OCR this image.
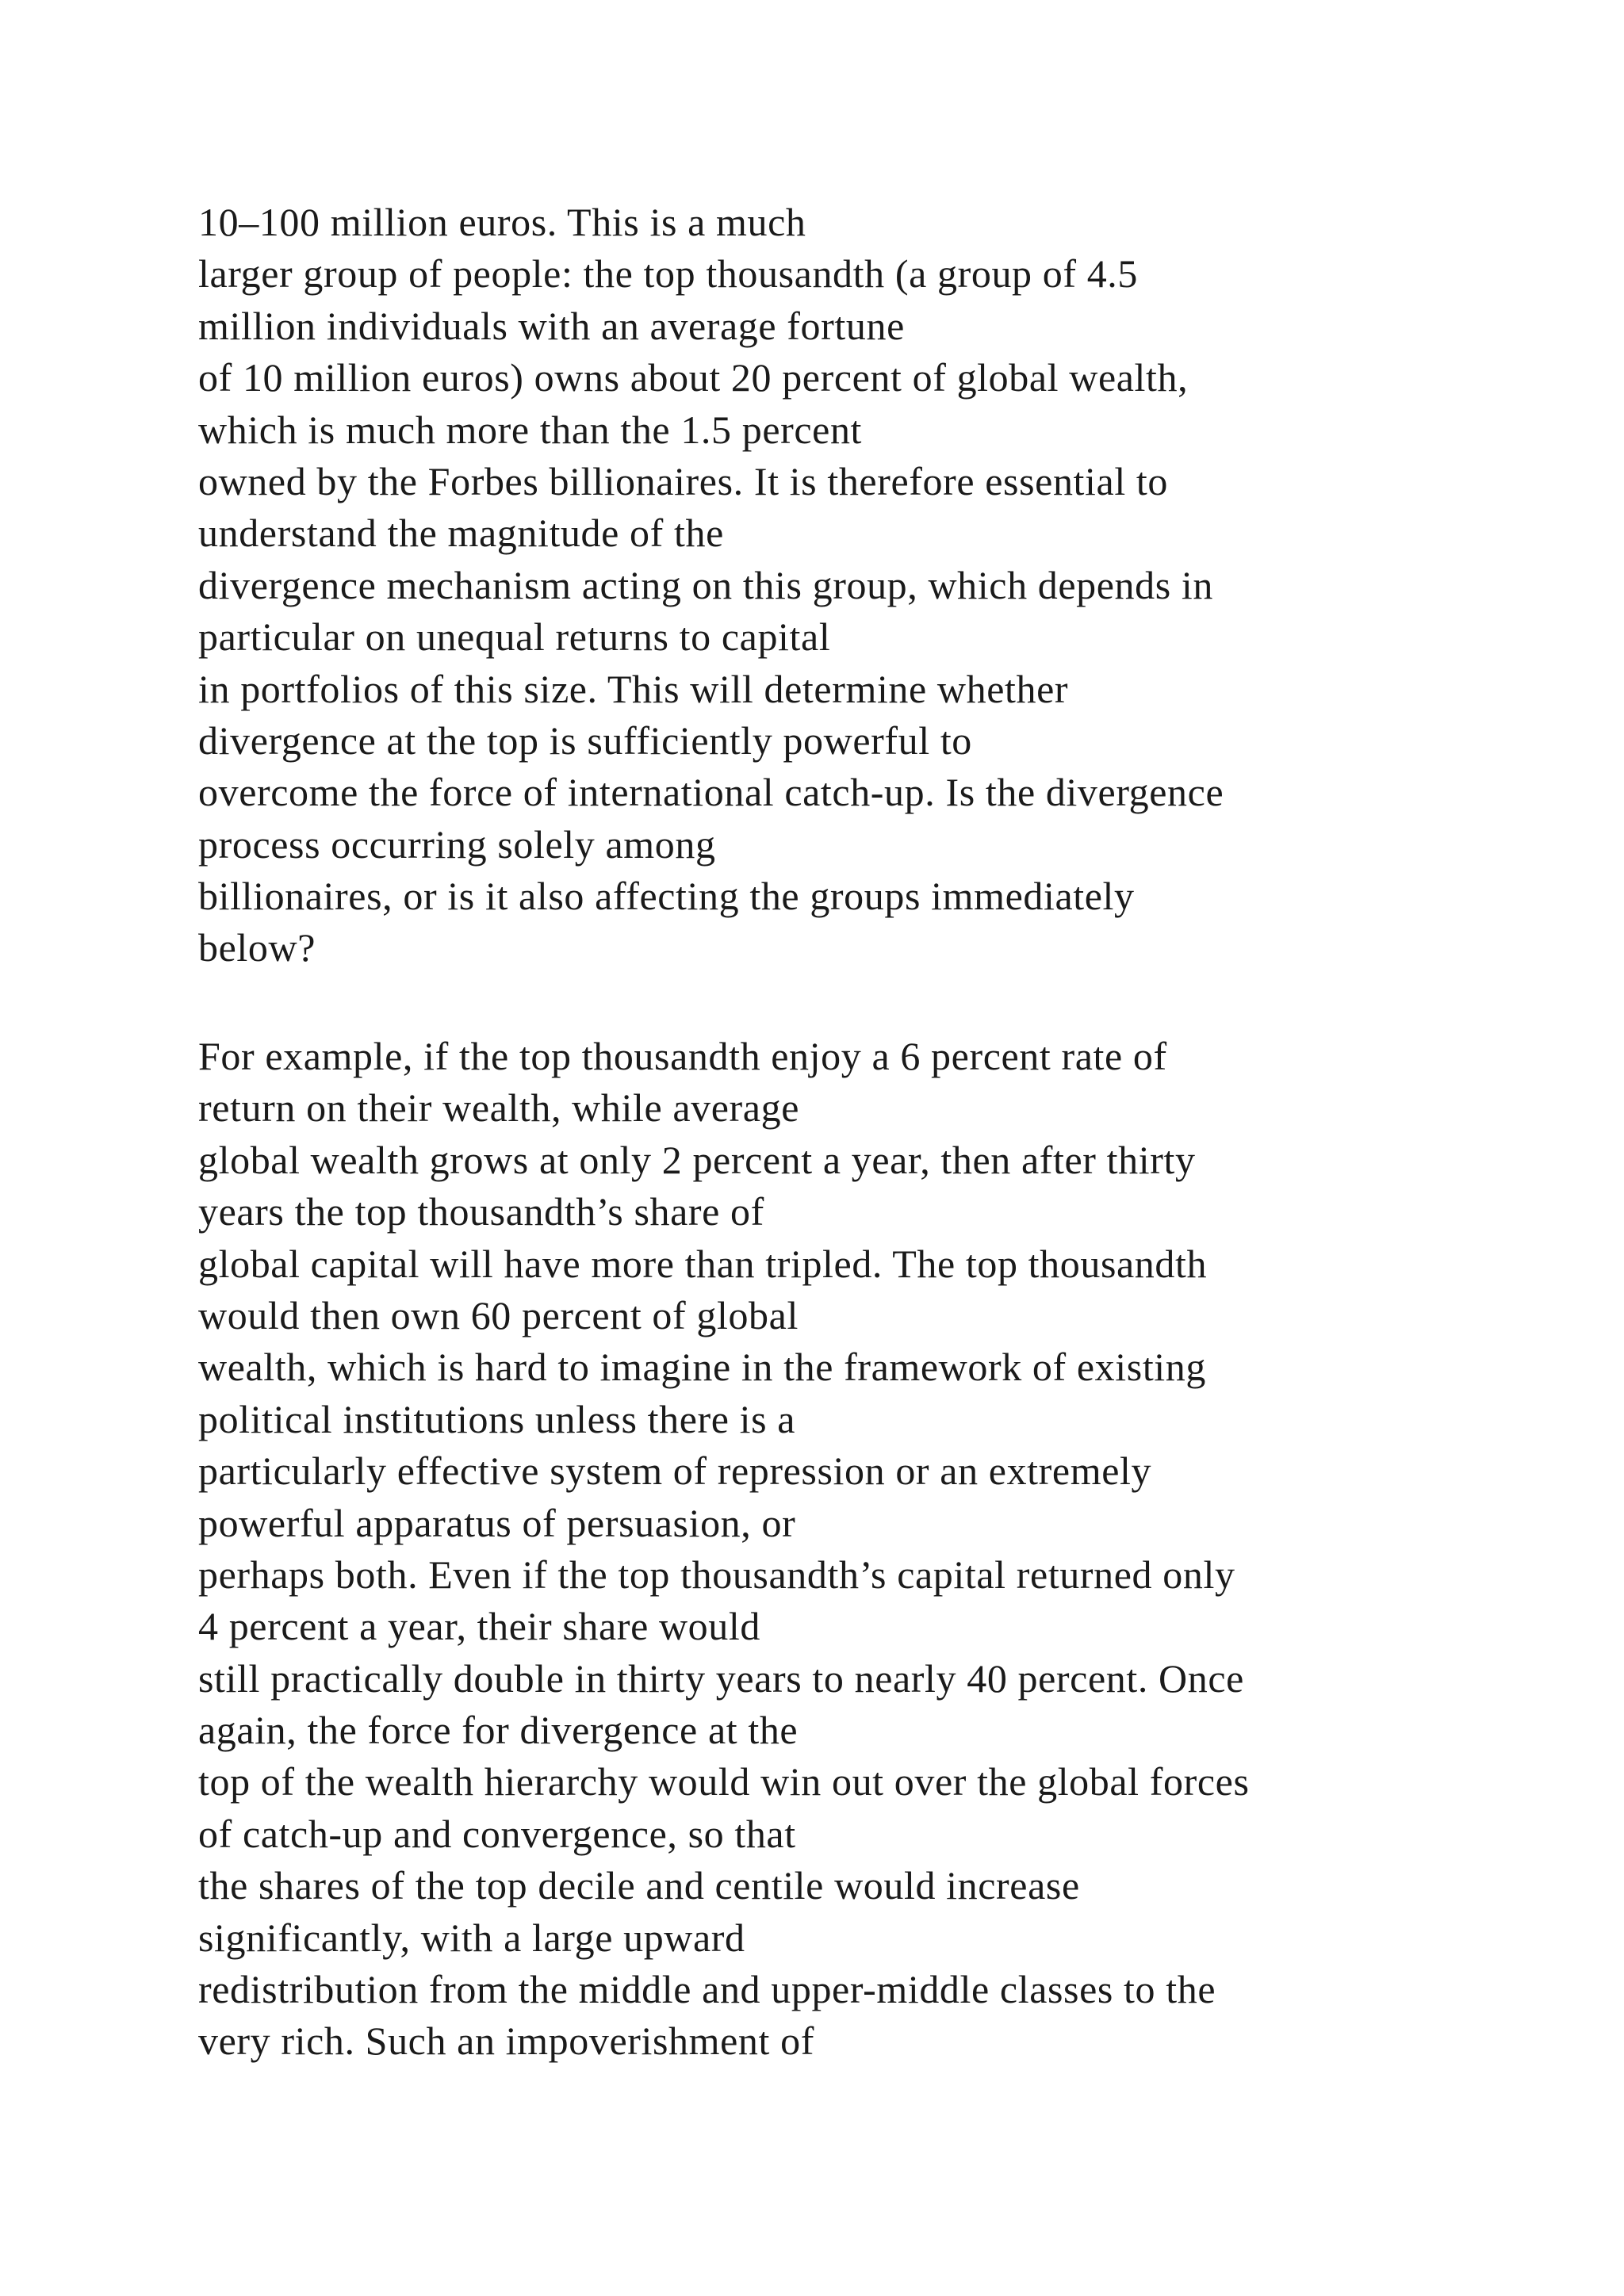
10–100 million euros. This is a much
larger group of people: the top thousandth (a group of 4.5
million individuals with an average fortune
of 10 million euros) owns about 20 percent of global wealth,
which is much more than the 1.5 percent
owned by the Forbes billionaires. It is therefore essential to
understand the magnitude of the
divergence mechanism acting on this group, which depends in
particular on unequal returns to capital
in portfolios of this size. This will determine whether
divergence at the top is sufficiently powerful to
overcome the force of international catch-up. Is the divergence
process occurring solely among
billionaires, or is it also affecting the groups immediately
below?
For example, if the top thousandth enjoy a 6 percent rate of
return on their wealth, while average
global wealth grows at only 2 percent a year, then after thirty
years the top thousandth’s share of
global capital will have more than tripled. The top thousandth
would then own 60 percent of global
wealth, which is hard to imagine in the framework of existing
political institutions unless there is a
particularly effective system of repression or an extremely
powerful apparatus of persuasion, or
perhaps both. Even if the top thousandth’s capital returned only
4 percent a year, their share would
still practically double in thirty years to nearly 40 percent. Once
again, the force for divergence at the
top of the wealth hierarchy would win out over the global forces
of catch-up and convergence, so that
the shares of the top decile and centile would increase
significantly, with a large upward
redistribution from the middle and upper-middle classes to the
very rich. Such an impoverishment of
